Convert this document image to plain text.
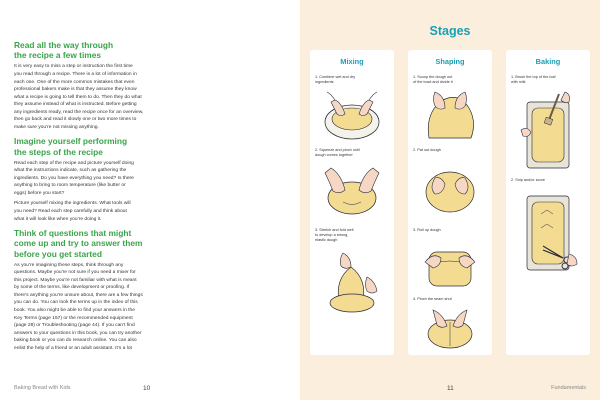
Read all the way through
the recipe a few times
It is very easy to miss a step or instruction the first time
you read through a recipe. There is a lot of information in
each one. One of the more common mistakes that even
professional bakers make is that they assume they know
what a recipe is going to tell them to do. Then they do what
they assume instead of what is instructed. Before getting
any ingredients ready, read the recipe once for an overview,
then go back and read it slowly one or two more times to
make sure you’re not missing anything.
Imagine yourself performing
the steps of the recipe
Read each step of the recipe and picture yourself doing
what the instructions indicate, such as gathering the
ingredients. Do you have everything you need? Is there
anything to bring to room temperature (like butter or
eggs) before you start?
Picture yourself mixing the ingredients. What tools will
you need? Read each step carefully and think about
what it will look like when you’re doing it.
Think of questions that might
come up and try to answer them
before you get started
As you’re imagining these steps, think through any
questions. Maybe you’re not sure if you need a mixer for
this project. Maybe you’re not familiar with what is meant
by some of the terms, like development or proofing. If
there’s anything you’re unsure about, there are a few things
you can do. You can look the terms up in the index of this
book. You also might be able to find your answers in the
Key Terms (page 157) or the recommended equipment
(page 28) or Troubleshooting (page 44). If you can’t find
answers to your questions in this book, you can try another
baking book or you can do research online. You can also
enlist the help of a friend or an adult assistant. It’s a lot
Baking Bread with Kids	10
Stages
Mixing
1. Combine wet and dry
ingredients
2. Squeeze and pinch until
dough comes together
3. Stretch and fold well
to develop a strong,
elastic dough
Shaping
1. Scoop the dough out
of the bowl and divide it
2. Pat out dough
3. Roll up dough
4. Pinch the seam shut
Baking
1. Brush the top of the loaf
with milk
2. Snip and/or score
11	Fundamentals
